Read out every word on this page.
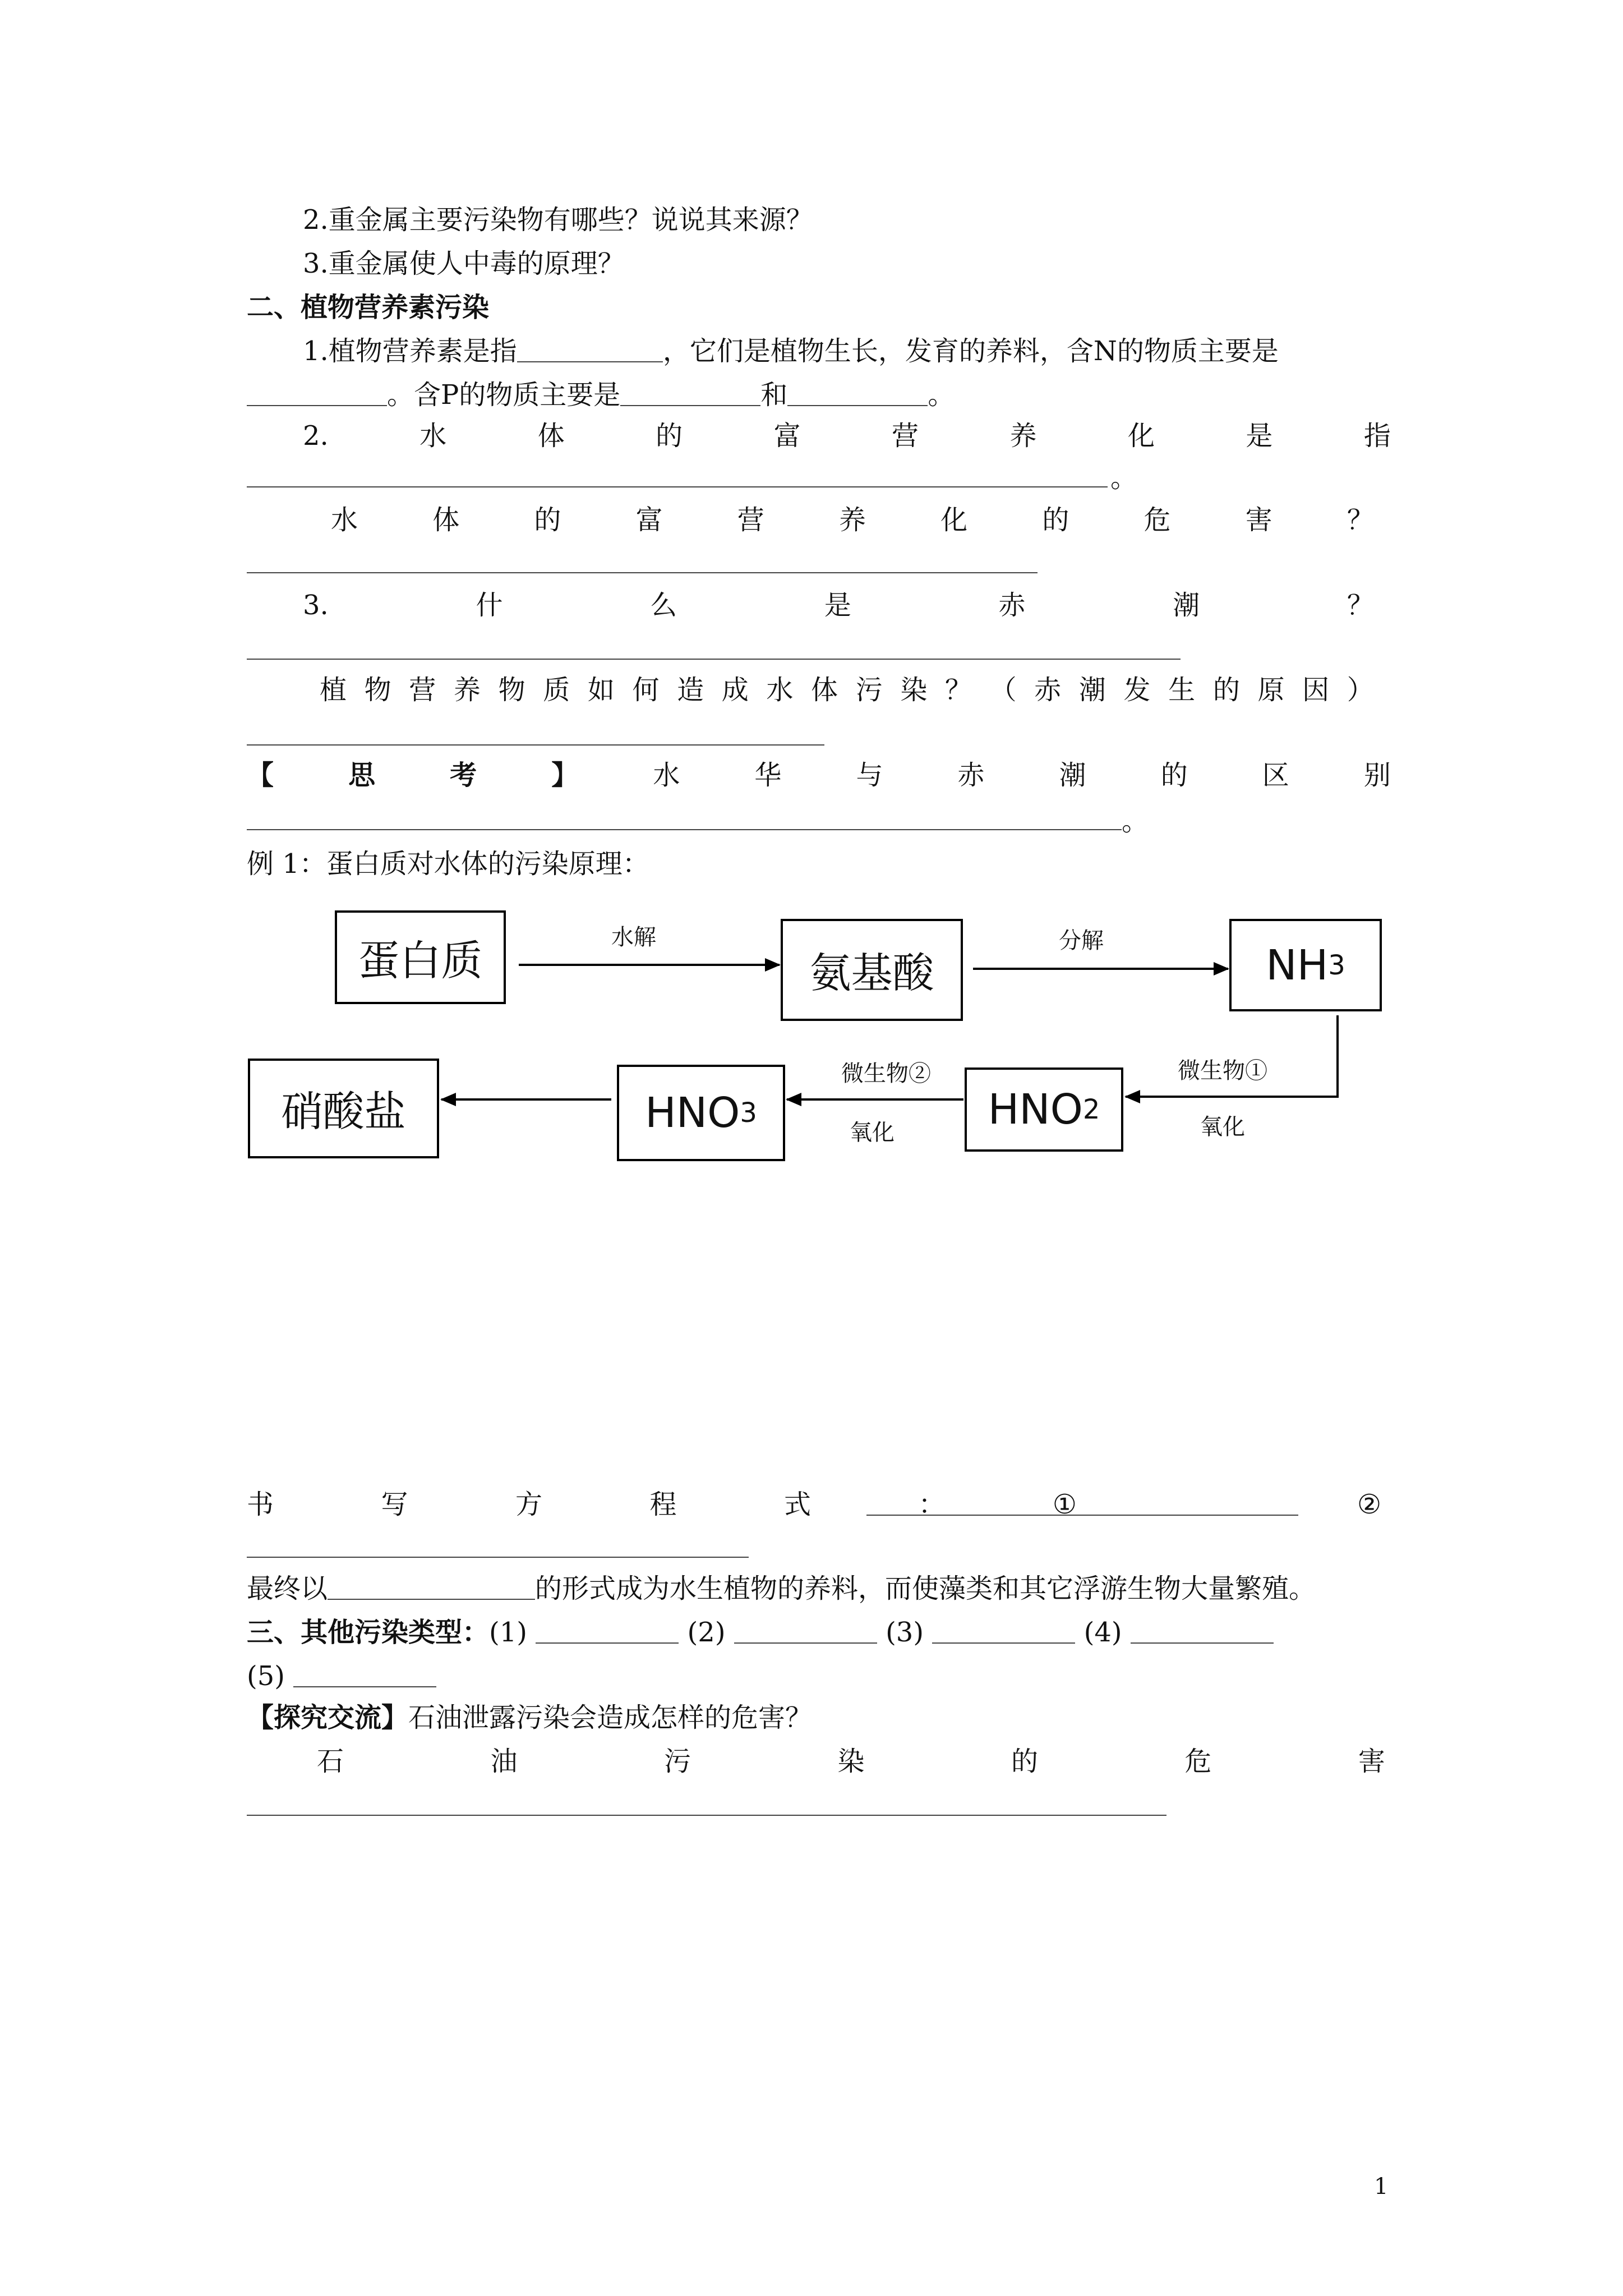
2.重金属主要污染物有哪些？说说其来源？
3.重金属使人中毒的原理？
二、植物营养素污染
1.植物营养素是指	，它们是植物生长，发育的养料，含N的物质主要是
。含P的物质主要是	和	。
2.	水	体	的	富	营	养	化	是	指
。
水	体	的	富	营	养	化	的	危	害	？
3.	什	么	是	赤	潮	？
植 物 营 养 物 质 如 何 造 成 水 体 污 染 ？ （ 赤 潮 发 生 的 原 因 ）
【	思	考	】	水	华	与	赤	潮	的	区	别
。
例 1：蛋白质对水体的污染原理：
蛋白质	氨基酸	NH 3
HNO 2
HNO 3
硝酸盐
水解	分解
微生物①
氧化
微生物②
氧化
书	写	方	程	式	：	①	②
最终以	的形式成为水生植物的养料，而使藻类和其它浮游生物大量繁殖。
三、其他污染类型：(1)	(2)	(3)	(4)
(5)
【探究交流】石油泄露污染会造成怎样的危害？
石	油	污	染	的	危	害
1
